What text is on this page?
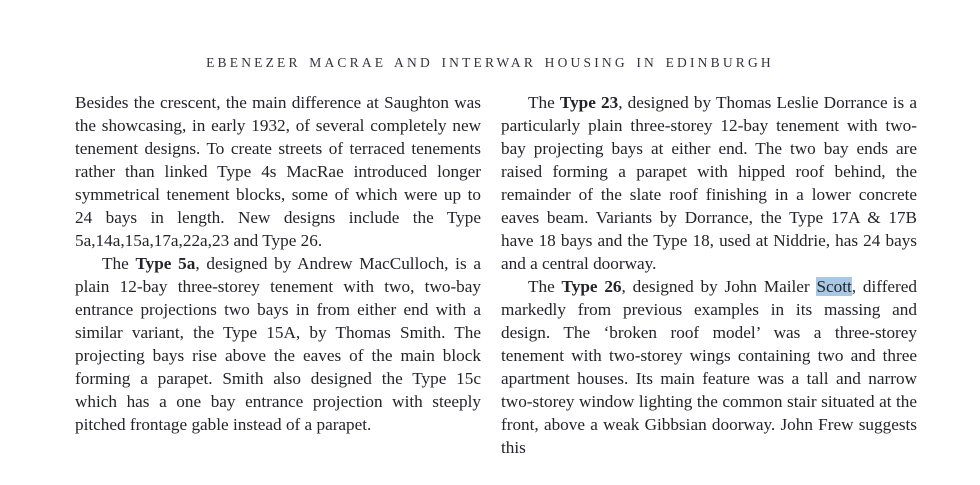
EBENEZER MACRAE AND INTERWAR HOUSING IN EDINBURGH

Besides the crescent, the main difference at Saughton was the showcasing, in early 1932, of several completely new tenement designs. To create streets of terraced tenements rather than linked Type 4s MacRae introduced longer symmetrical tenement blocks, some of which were up to 24 bays in length. New designs include the Type 5a,14a,15a,17a,22a,23 and Type 26.

The Type 5a, designed by Andrew MacCulloch, is a plain 12-bay three-storey tenement with two, two-bay entrance projections two bays in from either end with a similar variant, the Type 15A, by Thomas Smith. The projecting bays rise above the eaves of the main block forming a parapet. Smith also designed the Type 15c which has a one bay entrance projection with steeply pitched frontage gable instead of a parapet.

The Type 23, designed by Thomas Leslie Dorrance is a particularly plain three-storey 12-bay tenement with two-bay projecting bays at either end. The two bay ends are raised forming a parapet with hipped roof behind, the remainder of the slate roof finishing in a lower concrete eaves beam. Variants by Dorrance, the Type 17A & 17B have 18 bays and the Type 18, used at Niddrie, has 24 bays and a central doorway.

The Type 26, designed by John Mailer Scott, differed markedly from previous examples in its massing and design. The ‘broken roof model’ was a three-storey tenement with two-storey wings containing two and three apartment houses. Its main feature was a tall and narrow two-storey window lighting the common stair situated at the front, above a weak Gibbsian doorway. John Frew suggests this
